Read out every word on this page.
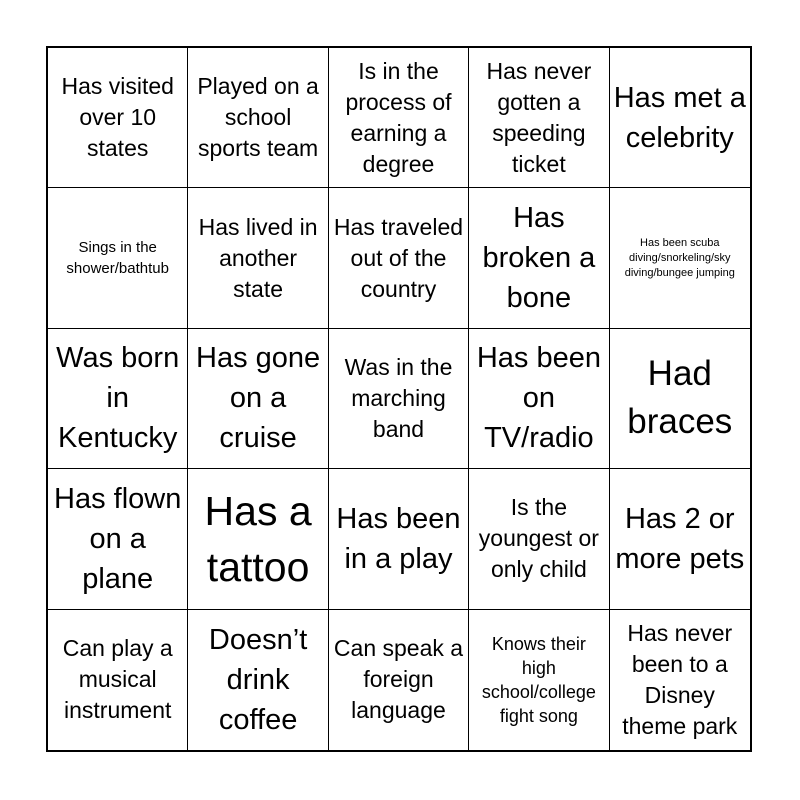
Has visited over 10 states
Played on a school sports team
Is in the process of earning a degree
Has never gotten a speeding ticket
Has met a celebrity
Sings in the shower/bathtub
Has lived in another state
Has traveled out of the country
Has broken a bone
Has been scuba diving/snorkeling/sky diving/bungee jumping
Was born in Kentucky
Has gone on a cruise
Was in the marching band
Has been on TV/radio
Had braces
Has flown on a plane
Has a tattoo
Has been in a play
Is the youngest or only child
Has 2 or more pets
Can play a musical instrument
Doesn’t drink coffee
Can speak a foreign language
Knows their high school/college fight song
Has never been to a Disney theme park
